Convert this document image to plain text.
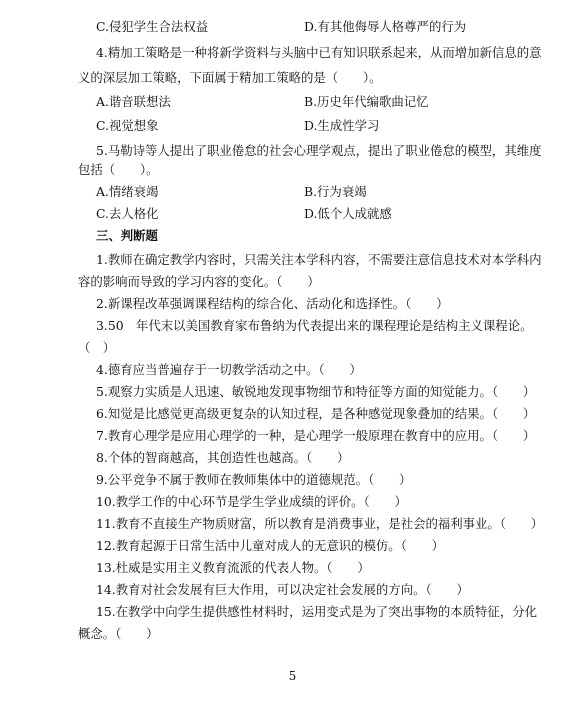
C.侵犯学生合法权益	D.有其他侮辱人格尊严的行为
4.精加工策略是一种将新学资料与头脑中已有知识联系起来，从而增加新信息的意
义的深层加工策略，下面属于精加工策略的是（　　）。
A.谐音联想法	B.历史年代编歌曲记忆
C.视觉想象	D.生成性学习
5.马勒诗等人提出了职业倦怠的社会心理学观点，提出了职业倦怠的模型，其维度
包括（　　）。
A.情绪衰竭	B.行为衰竭
C.去人格化	D.低个人成就感
三、判断题
1.教师在确定教学内容时，只需关注本学科内容，不需要注意信息技术对本学科内
容的影响而导致的学习内容的变化。（　　）
2.新课程改革强调课程结构的综合化、活动化和选择性。（　　）
3.50　年代末以美国教育家布鲁纳为代表提出来的课程理论是结构主义课程论。
（　）
4.德育应当普遍存于一切教学活动之中。（　　）
5.观察力实质是人迅速、敏锐地发现事物细节和特征等方面的知觉能力。（　　）
6.知觉是比感觉更高级更复杂的认知过程，是各种感觉现象叠加的结果。（　　）
7.教育心理学是应用心理学的一种，是心理学一般原理在教育中的应用。（　　）
8.个体的智商越高，其创造性也越高。（　　）
9.公平竞争不属于教师在教师集体中的道德规范。（　　）
10.教学工作的中心环节是学生学业成绩的评价。（　　）
11.教育不直接生产物质财富，所以教育是消费事业，是社会的福利事业。（　　）
12.教育起源于日常生活中儿童对成人的无意识的模仿。（　　）
13.杜威是实用主义教育流派的代表人物。（　　）
14.教育对社会发展有巨大作用，可以决定社会发展的方向。（　　）
15.在教学中向学生提供感性材料时，运用变式是为了突出事物的本质特征，分化
概念。（　　）
5
